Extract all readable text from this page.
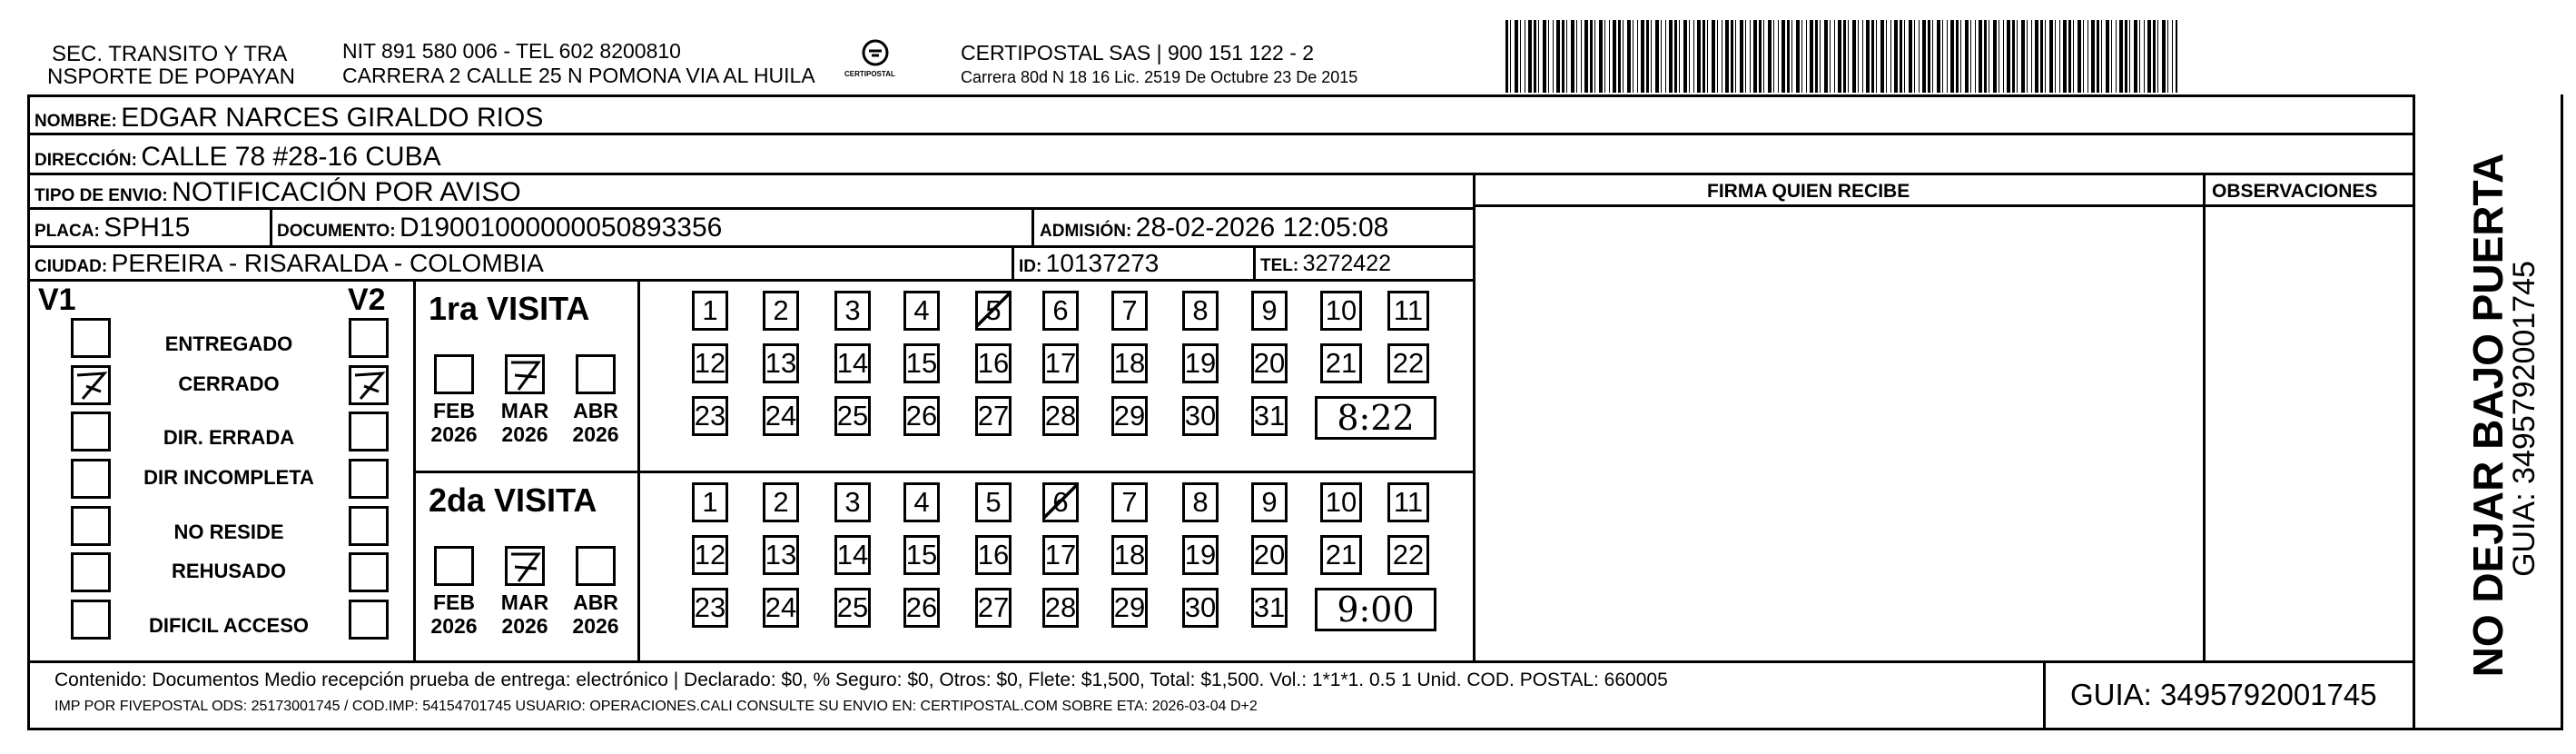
SEC. TRANSITO Y TRA
NSPORTE DE POPAYAN
NIT 891 580 006 - TEL 602 8200810
CARRERA 2 CALLE 25 N POMONA VIA AL HUILA	CERTIPOSTAL
CERTIPOSTAL SAS | 900 151 122 - 2
Carrera 80d N 18 16 Lic. 2519 De Octubre 23 De 2015
NOMBRE: EDGAR NARCES GIRALDO RIOS
DIRECCIÓN: CALLE 78 #28-16 CUBA
TIPO DE ENVIO: NOTIFICACIÓN POR AVISO	FIRMA QUIEN RECIBE	OBSERVACIONES
PLACA: SPH15	DOCUMENTO: D19001000000050893356	ADMISIÓN: 28-02-2026 12:05:08
CIUDAD: PEREIRA - RISARALDA - COLOMBIA	ID: 10137273	TEL: 3272422
V1	V2
ENTREGADO
CERRADO
DIR. ERRADA
DIR INCOMPLETA
NO RESIDE
REHUSADO
DIFICIL ACCESO
1ra VISITA
FEB
2026
MAR
2026
ABR
2026
1	2	3	4	5	6	7	8	9	10 11
12 13 14 15 16 17 18 19 20 21 22
23 24 25 26 27 28 29 30 31	8:22
2da VISITA
FEB
2026
MAR
2026
ABR
2026
1	2	3	4	5	6	7	8	9	10 11
12 13 14 15 16 17 18 19 20 21 22
23 24 25 26 27 28 29 30 31	9:00
Contenido: Documentos Medio recepción prueba de entrega: electrónico | Declarado: $0, % Seguro: $0, Otros: $0, Flete: $1,500, Total: $1,500. Vol.: 1*1*1. 0.5 1 Unid. COD. POSTAL: 660005
IMP POR FIVEPOSTAL ODS: 25173001745 / COD.IMP: 54154701745 USUARIO: OPERACIONES.CALI CONSULTE SU ENVIO EN: CERTIPOSTAL.COM SOBRE ETA: 2026-03-04 D+2	GUIA: 3495792001745
NO DEJAR BAJO PUERTA
GUIA: 3495792001745
